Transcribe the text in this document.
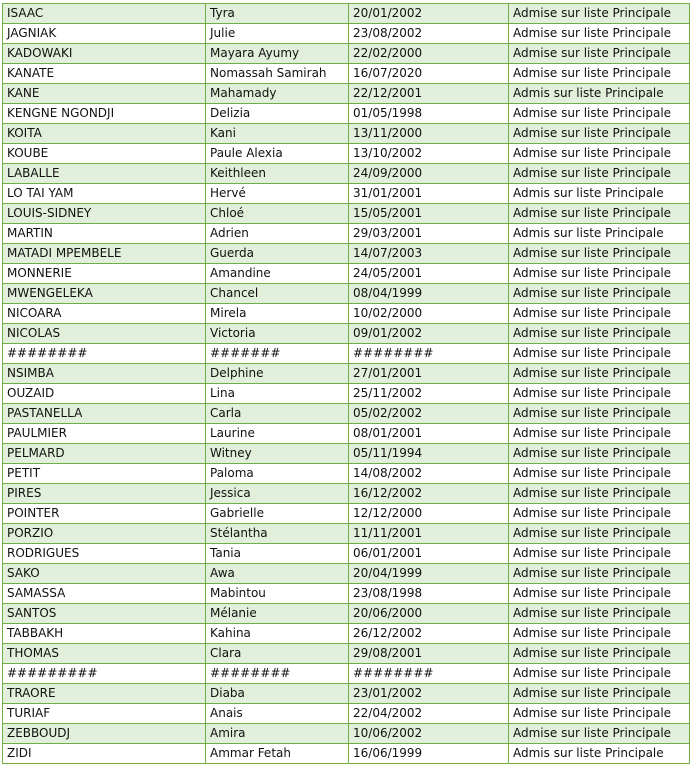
ISAAC	Tyra	20/01/2002	Admise sur liste Principale
JAGNIAK	Julie	23/08/2002	Admise sur liste Principale
KADOWAKI	Mayara Ayumy	22/02/2000	Admise sur liste Principale
KANATE	Nomassah Samirah	16/07/2020	Admise sur liste Principale
KANE	Mahamady	22/12/2001	Admis sur liste Principale
KENGNE NGONDJI	Delizia	01/05/1998	Admise sur liste Principale
KOITA	Kani	13/11/2000	Admise sur liste Principale
KOUBE	Paule Alexia	13/10/2002	Admise sur liste Principale
LABALLE	Keithleen	24/09/2000	Admise sur liste Principale
LO TAI YAM	Hervé	31/01/2001	Admis sur liste Principale
LOUIS-SIDNEY	Chloé	15/05/2001	Admise sur liste Principale
MARTIN	Adrien	29/03/2001	Admis sur liste Principale
MATADI MPEMBELE	Guerda	14/07/2003	Admise sur liste Principale
MONNERIE	Amandine	24/05/2001	Admise sur liste Principale
MWENGELEKA	Chancel	08/04/1999	Admise sur liste Principale
NICOARA	Mirela	10/02/2000	Admise sur liste Principale
NICOLAS	Victoria	09/01/2002	Admise sur liste Principale
########	#######	########	Admise sur liste Principale
NSIMBA	Delphine	27/01/2001	Admise sur liste Principale
OUZAID	Lina	25/11/2002	Admise sur liste Principale
PASTANELLA	Carla	05/02/2002	Admise sur liste Principale
PAULMIER	Laurine	08/01/2001	Admise sur liste Principale
PELMARD	Witney	05/11/1994	Admise sur liste Principale
PETIT	Paloma	14/08/2002	Admise sur liste Principale
PIRES	Jessica	16/12/2002	Admise sur liste Principale
POINTER	Gabrielle	12/12/2000	Admise sur liste Principale
PORZIO	Stélantha	11/11/2001	Admise sur liste Principale
RODRIGUES	Tania	06/01/2001	Admise sur liste Principale
SAKO	Awa	20/04/1999	Admise sur liste Principale
SAMASSA	Mabintou	23/08/1998	Admise sur liste Principale
SANTOS	Mélanie	20/06/2000	Admise sur liste Principale
TABBAKH	Kahina	26/12/2002	Admise sur liste Principale
THOMAS	Clara	29/08/2001	Admise sur liste Principale
#########	########	########	Admise sur liste Principale
TRAORE	Diaba	23/01/2002	Admise sur liste Principale
TURIAF	Anais	22/04/2002	Admise sur liste Principale
ZEBBOUDJ	Amira	10/06/2002	Admise sur liste Principale
ZIDI	Ammar Fetah	16/06/1999	Admis sur liste Principale
